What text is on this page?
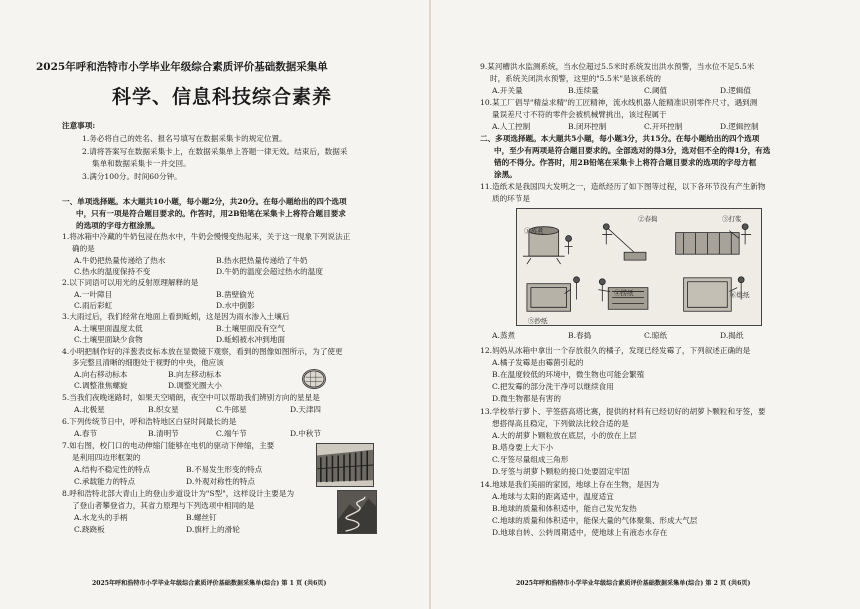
2025年呼和浩特市小学毕业年级综合素质评价基础数据采集单
科学、信息科技综合素养
注意事项:
1.务必将自己的姓名、报名号填写在数据采集卡的规定位置。
2.请将答案写在数据采集卡上，在数据采集单上答题一律无效。结束后，数据采
集单和数据采集卡一并交回。
3.满分100分。时间60分钟。
一、单项选择题。本大题共10小题，每小题2分，共20分。在每小题给出的四个选项
中，只有一项是符合题目要求的。作答时，用2B铅笔在采集卡上将符合题目要求
的选项的字母方框涂黑。
1.将冰箱中冷藏的牛奶包浸在热水中，牛奶会慢慢变热起来，关于这一现象下列说法正
确的是
A.牛奶把热量传递给了热水	B.热水把热量传递给了牛奶
C.热水的温度保持不变	D.牛奶的温度会超过热水的温度
2.以下词语可以用光的反射原理解释的是
A.一叶障目	B.凿壁偷光
C.雨后彩虹	D.水中倒影
3.大雨过后，我们经常在地面上看到蚯蚓，这是因为雨水渗入土壤后
A.土壤里面温度太低	B.土壤里面没有空气
C.土壤里面缺少食物	D.蚯蚓被水冲到地面
4.小明把制作好的洋葱表皮标本放在显微镜下观察，看到的图像如图所示，为了使更
多完整且清晰的细胞处于视野的中央，他应该
A.向右移动标本	B.向左移动标本
C.调整准焦螺旋	D.调整光圈大小
5.当我们夜晚迷路时，如果天空晴朗，夜空中可以帮助我们辨别方向的星星是
A.北极星	B.织女星	C.牛郎星	D.天津四
6.下列传统节日中，呼和浩特地区白昼时间最长的是
A.春节	B.清明节	C.端午节	D.中秋节
7.如右图，校门口的电动伸缩门能够在电机的驱动下伸缩，主要
是利用四边形框架的
A.结构不稳定性的特点	B.不易发生形变的特点
C.承载能力的特点	D.外观对称性的特点
8.呼和浩特北部大青山上的登山步道设计为"S型"，这样设计主要是为
了登山者攀登省力，其省力原理与下列选项中相同的是
A.水龙头的手柄	B.螺丝钉
C.跷跷板	D.旗杆上的滑轮
2025年呼和浩特市小学毕业年级综合素质评价基础数据采集单(综合) 第 1 页 (共6页)
9.某河槽洪水监测系统，当水位超过5.5米时系统发出洪水预警，当水位不足5.5米
时，系统关闭洪水预警，这里的"5.5米"是该系统的
A.开关量	B.连续量	C.阈值	D.逻辑值
10.某工厂倡导"精益求精"的工匠精神，流水线机器人能精准识别零件尺寸，遇到测
量误差尺寸不符的零件会被机械臂挑出，该过程属于
A.人工控制	B.闭环控制	C.开环控制	D.逻辑控制
二、多项选择题。本大题共5小题，每小题3分，共15分。在每小题给出的四个选项
中，至少有两项是符合题目要求的。全部选对的得3分，选对但不全的得1分，有选
错的不得分。作答时，用2B铅笔在采集卡上将符合题目要求的选项的字母方框
涂黑。
11.造纸术是我国四大发明之一，造纸经历了如下图等过程，以下各环节没有产生新物
质的环节是
①蒸煮
②春捣	③打浆
④捞纸
⑤抄纸
⑥烘纸
A.蒸煮	B.春捣	C.晾纸	D.揭纸
12.妈妈从冰箱中拿出一个存放很久的橘子，发现已经发霉了，下列叙述正确的是
A.橘子发霉是由霉菌引起的
B.在温度较低的环境中，微生物也可能会繁殖
C.把发霉的部分洗干净可以继续食用
D.微生物都是有害的
13.学校举行萝卜、芋签搭高塔比赛，提供的材料有已经切好的胡萝卜颗粒和牙签，要
想搭得高且稳定，下列做法比较合适的是
A.大的胡萝卜颗粒放在底层，小的放在上层
B.塔身要上大下小
C.牙签尽量组成三角形
D.牙签与胡萝卜颗粒的接口处要固定牢固
14.地球是我们美丽的家园，地球上存在生物，是因为
A.地球与太阳的距离适中，温度适宜
B.地球的质量和体积适中，能自己发光发热
C.地球的质量和体积适中，能保大量的气体聚集、形成大气层
D.地球自转、公转周期适中，使地球上有液态水存在
2025年呼和浩特市小学毕业年级综合素质评价基础数据采集单(综合) 第 2 页 (共6页)
